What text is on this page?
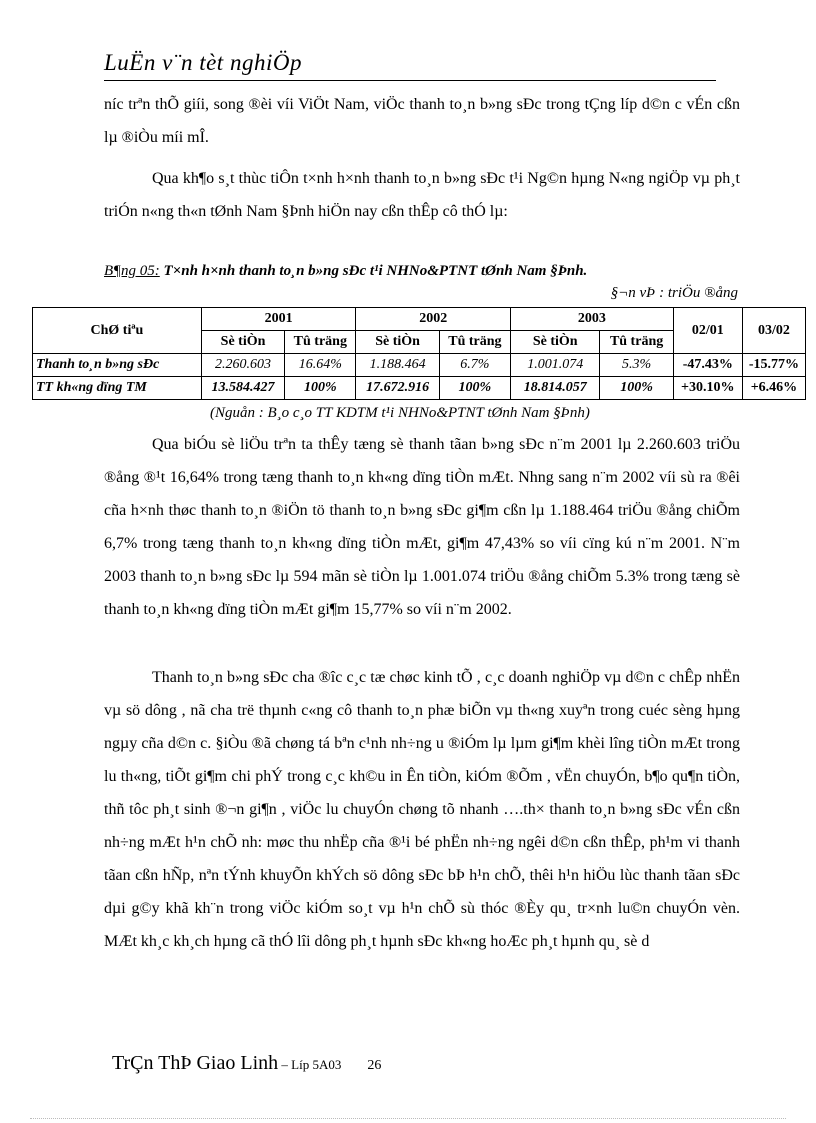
LuËn v¨n tèt nghiÖp

níc trªn thÕ giíi, song ®èi víi ViÖt Nam, viÖc thanh to¸n b»ng sÐc trong tÇng líp d©n c vÉn cßn lµ ®iÒu míi mÎ.

Qua kh¶o s¸t thùc tiÔn t×nh h×nh thanh to¸n b»ng sÐc t¹i Ng©n hµng N«ng ngiÖp vµ ph¸t triÓn n«ng th«n tØnh Nam §Þnh hiÖn nay cßn thÊp cô thÓ lµ:

B¶ng 05: T×nh h×nh thanh to¸n b»ng sÐc t¹i NHNo&PTNT tØnh Nam §Þnh.
§¬n vÞ : triÖu ®ång
ChØ tiªu	2001		2002		2003		02/01	03/02
	Sè tiÒn	Tû träng	Sè tiÒn	Tû träng	Sè tiÒn	Tû träng		
Thanh to¸n b»ng sÐc	2.260.603	16.64%	1.188.464	6.7%	1.001.074	5.3%	-47.43%	-15.77%
TT kh«ng dïng TM	13.584.427	100%	17.672.916	100%	18.814.057	100%	+30.10%	+6.46%
(Nguån : B¸o c¸o TT KDTM t¹i NHNo&PTNT tØnh Nam §Þnh)

Qua biÓu sè liÖu trªn ta thÊy tæng sè thanh tãan b»ng sÐc n¨m 2001 lµ 2.260.603 triÖu ®ång ®¹t 16,64% trong tæng thanh to¸n kh«ng dïng tiÒn mÆt. Nhng sang n¨m 2002 víi sù ra ®êi cña h×nh thøc thanh to¸n ®iÖn tö thanh to¸n b»ng sÐc gi¶m cßn lµ 1.188.464 triÖu ®ång chiÕm 6,7% trong tæng thanh to¸n kh«ng dïng tiÒn mÆt, gi¶m 47,43% so víi cïng kú n¨m 2001. N¨m 2003 thanh to¸n b»ng sÐc lµ 594 mãn sè tiÒn lµ 1.001.074 triÖu ®ång chiÕm 5.3% trong tæng sè thanh to¸n kh«ng dïng tiÒn mÆt gi¶m 15,77% so víi n¨m 2002.

Thanh to¸n b»ng sÐc cha ®îc c¸c tæ chøc kinh tÕ , c¸c doanh nghiÖp vµ d©n c chÊp nhËn vµ sö dông , nã cha trë thµnh c«ng cô thanh to¸n phæ biÕn vµ th«ng xuyªn trong cuéc sèng hµng ngµy cña d©n c. §iÒu ®ã chøng tá bªn c¹nh nh÷ng u ®iÓm lµ lµm gi¶m khèi lîng tiÒn mÆt trong lu th«ng, tiÕt gi¶m chi phÝ trong c¸c kh©u in Ên tiÒn, kiÓm ®Õm , vËn chuyÓn, b¶o qu¶n tiÒn, thñ tôc ph¸t sinh ®¬n gi¶n , viÖc lu chuyÓn chøng tõ nhanh ….th× thanh to¸n b»ng sÐc vÉn cßn nh÷ng mÆt h¹n chÕ nh: møc thu nhËp cña ®¹i bé phËn nh÷ng ngêi d©n cßn thÊp, ph¹m vi thanh tãan cßn hÑp, nªn tÝnh khuyÕn khÝch sö dông sÐc bÞ h¹n chÕ, thêi h¹n hiÖu lùc thanh tãan sÐc dµi g©y khã kh¨n trong viÖc kiÓm so¸t vµ h¹n chÕ sù thóc ®Èy qu¸ tr×nh lu©n chuyÓn vèn. MÆt kh¸c kh¸ch hµng cã thÓ lîi dông ph¸t hµnh sÐc kh«ng hoÆc ph¸t hµnh qu¸ sè d

TrÇn ThÞ Giao Linh – Líp 5A03 26
